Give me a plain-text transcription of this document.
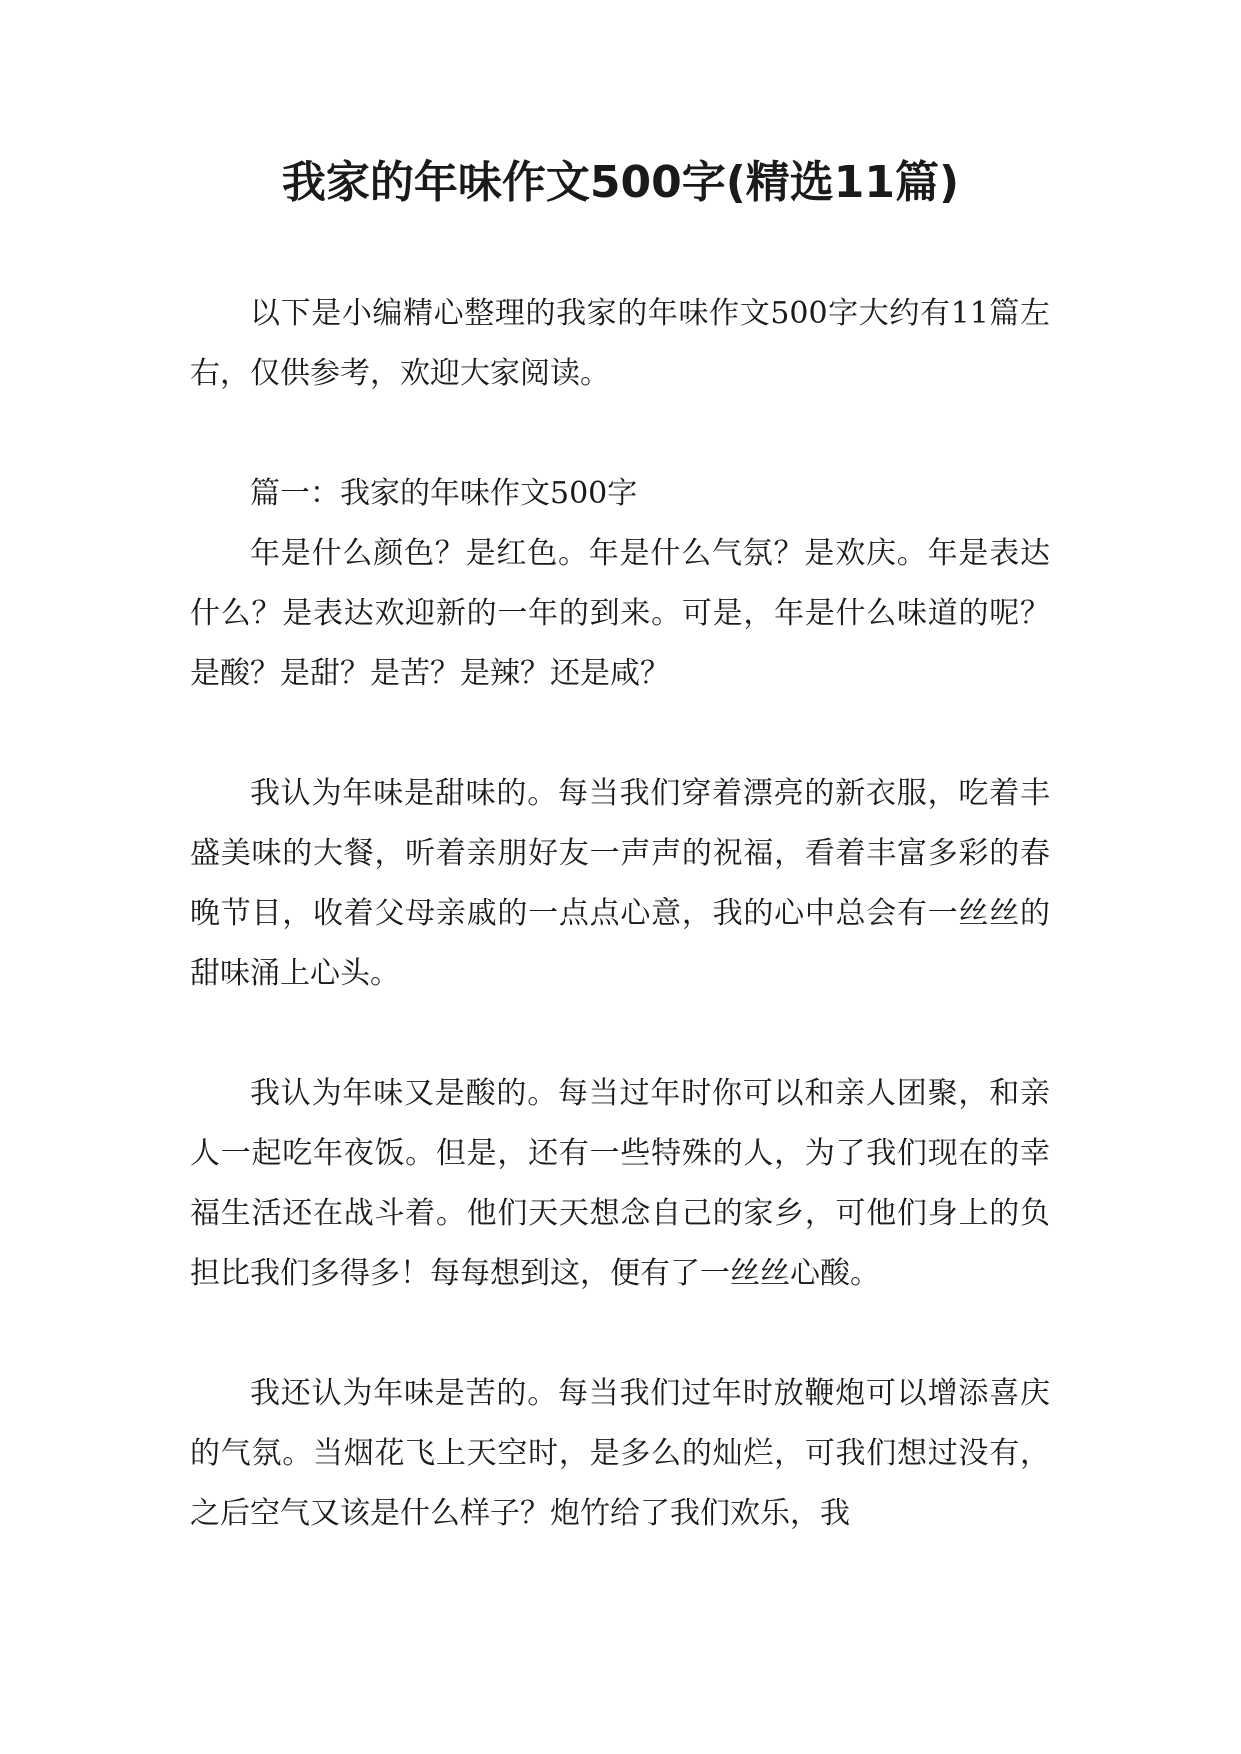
我家的年味作文500字(精选11篇)

以下是小编精心整理的我家的年味作文500字大约有11篇左右，仅供参考，欢迎大家阅读。

篇一：我家的年味作文500字

年是什么颜色？是红色。年是什么气氛？是欢庆。年是表达什么？是表达欢迎新的一年的到来。可是，年是什么味道的呢？是酸？是甜？是苦？是辣？还是咸？

我认为年味是甜味的。每当我们穿着漂亮的新衣服，吃着丰盛美味的大餐，听着亲朋好友一声声的祝福，看着丰富多彩的春晚节目，收着父母亲戚的一点点心意，我的心中总会有一丝丝的甜味涌上心头。

我认为年味又是酸的。每当过年时你可以和亲人团聚，和亲人一起吃年夜饭。但是，还有一些特殊的人，为了我们现在的幸福生活还在战斗着。他们天天想念自己的家乡，可他们身上的负担比我们多得多！每每想到这，便有了一丝丝心酸。

我还认为年味是苦的。每当我们过年时放鞭炮可以增添喜庆的气氛。当烟花飞上天空时，是多么的灿烂，可我们想过没有，之后空气又该是什么样子？炮竹给了我们欢乐，我
